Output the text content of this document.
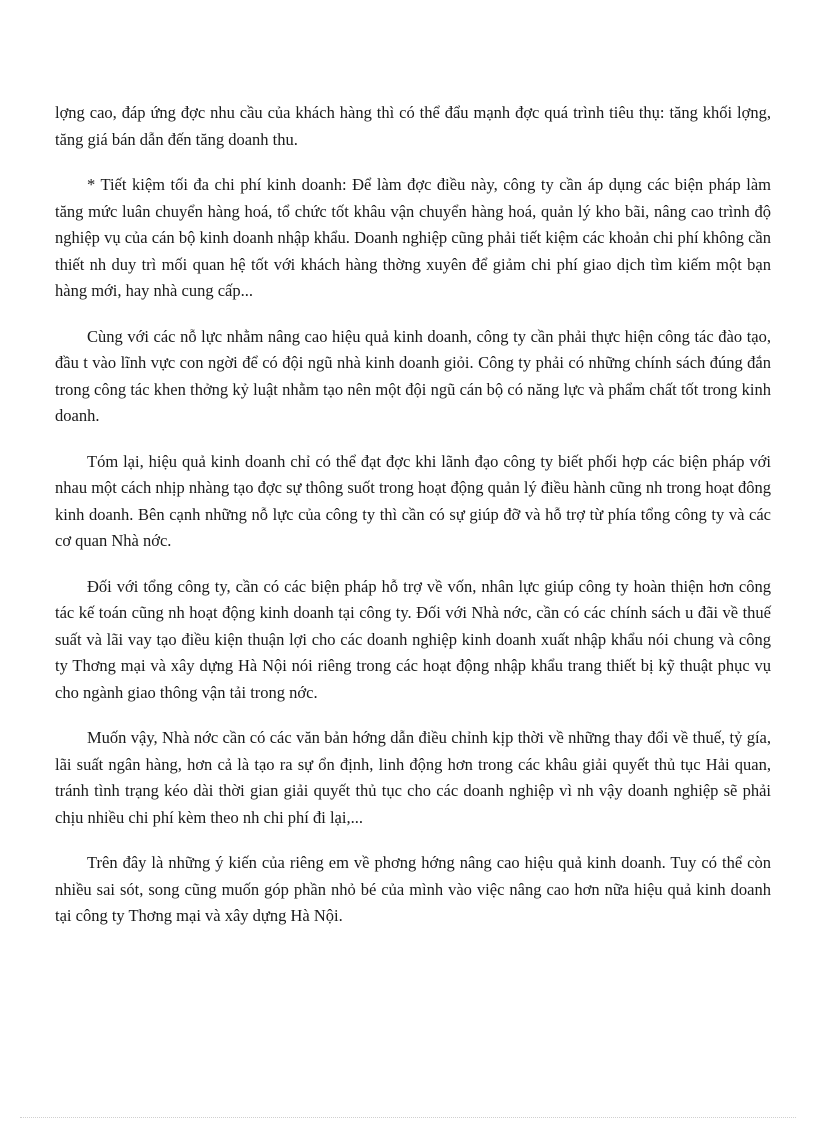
lợng cao, đáp ứng đợc nhu cầu của khách hàng thì có thể đẩu mạnh đợc quá trình tiêu thụ: tăng khối lợng, tăng giá bán dẫn đến tăng doanh thu.

* Tiết kiệm tối đa chi phí kinh doanh: Để làm đợc điều này, công ty cần áp dụng các biện pháp làm tăng mức luân chuyển hàng hoá, tổ chức tốt khâu vận chuyển hàng hoá, quản lý kho bãi, nâng cao trình độ nghiệp vụ của cán bộ kinh doanh nhập khẩu. Doanh nghiệp cũng phải tiết kiệm các khoản chi phí không cần thiết nh duy trì mối quan hệ tốt với khách hàng thờng xuyên để giảm chi phí giao dịch tìm kiếm một bạn hàng mới, hay nhà cung cấp...

Cùng với các nỗ lực nhằm nâng cao hiệu quả kinh doanh, công ty cần phải thực hiện công tác đào tạo, đầu t vào lĩnh vực con ngời để có đội ngũ nhà kinh doanh giỏi. Công ty phải có những chính sách đúng đắn trong công tác khen thởng kỷ luật nhằm tạo nên một đội ngũ cán bộ có năng lực và phẩm chất tốt trong kinh doanh.

Tóm lại, hiệu quả kinh doanh chỉ có thể đạt đợc khi lãnh đạo công ty biết phối hợp các biện pháp với nhau một cách nhịp nhàng tạo đợc sự thông suốt trong hoạt động quản lý điều hành cũng nh trong hoạt đông kinh doanh. Bên cạnh những nỗ lực của công ty thì cần có sự giúp đỡ và hỗ trợ từ phía tổng công ty và các cơ quan Nhà nớc.

Đối với tổng công ty, cần có các biện pháp hỗ trợ về vốn, nhân lực giúp công ty hoàn thiện hơn công tác kế toán cũng nh hoạt động kinh doanh tại công ty. Đối với Nhà nớc, cần có các chính sách u đãi về thuế suất và lãi vay tạo điều kiện thuận lợi cho các doanh nghiệp kinh doanh xuất nhập khẩu nói chung và công ty Thơng mại và xây dựng Hà Nội nói riêng trong các hoạt động nhập khẩu trang thiết bị kỹ thuật phục vụ cho ngành giao thông vận tải trong nớc.

Muốn vậy, Nhà nớc cần có các văn bản hớng dẫn điều chỉnh kịp thời về những thay đổi về thuế, tỷ gía, lãi suất ngân hàng, hơn cả là tạo ra sự ổn định, linh động hơn trong các khâu giải quyết thủ tục Hải quan, tránh tình trạng kéo dài thời gian giải quyết thủ tục cho các doanh nghiệp vì nh vậy doanh nghiệp sẽ phải chịu nhiều chi phí kèm theo nh chi phí đi lại,...

Trên đây là những ý kiến của riêng em về phơng hớng nâng cao hiệu quả kinh doanh. Tuy có thể còn nhiều sai sót, song cũng muốn góp phần nhỏ bé của mình vào việc nâng cao hơn nữa hiệu quả kinh doanh tại công ty Thơng mại và xây dựng Hà Nội.
